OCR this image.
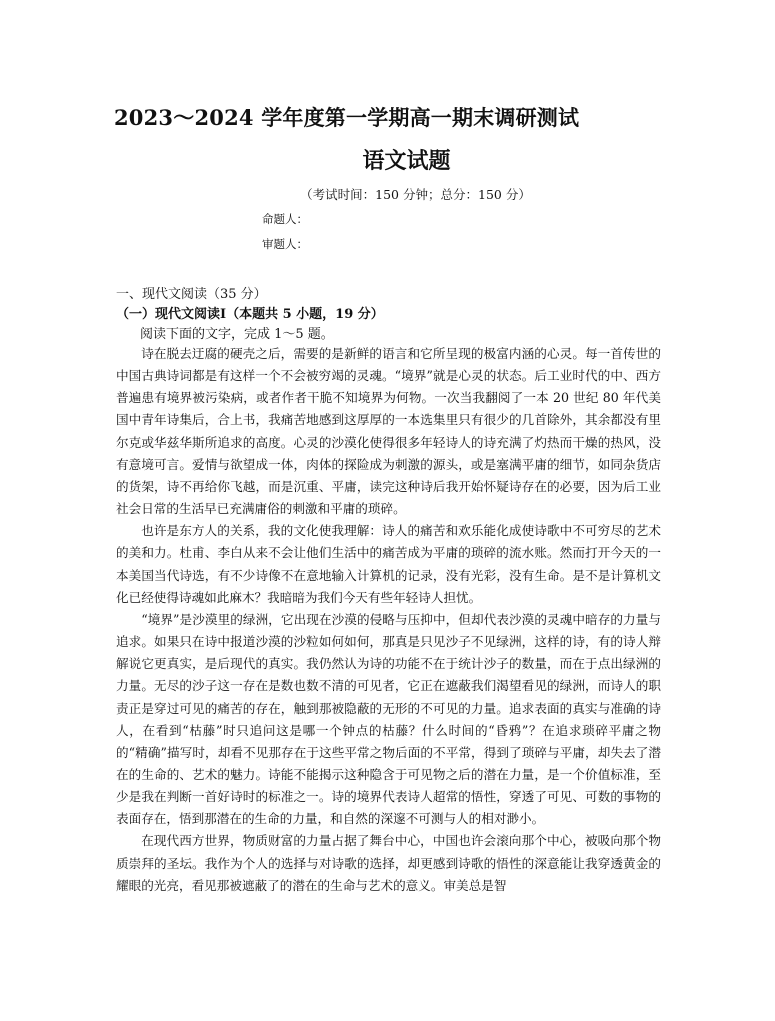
2023～2024 学年度第一学期高一期末调研测试
语文试题
（考试时间：150 分钟；总分：150 分）
命题人：
审题人：
一、现代文阅读（35 分）
（一）现代文阅读Ⅰ（本题共 5 小题，19 分）
阅读下面的文字，完成 1～5 题。

诗在脱去迂腐的硬壳之后，需要的是新鲜的语言和它所呈现的极富内涵的心灵。每一首传世的中国古典诗词都是有这样一个不会被穷竭的灵魂。“境界”就是心灵的状态。后工业时代的中、西方普遍患有境界被污染病，或者作者干脆不知境界为何物。一次当我翻阅了一本 20 世纪 80 年代美国中青年诗集后，合上书，我痛苦地感到这厚厚的一本选集里只有很少的几首除外，其余都没有里尔克或华兹华斯所追求的高度。心灵的沙漠化使得很多年轻诗人的诗充满了灼热而干燥的热风，没有意境可言。爱情与欲望成一体，肉体的探险成为刺激的源头，或是塞满平庸的细节，如同杂货店的货架，诗不再给你飞越，而是沉重、平庸，读完这种诗后我开始怀疑诗存在的必要，因为后工业社会日常的生活早已充满庸俗的刺激和平庸的琐碎。

也许是东方人的关系，我的文化使我理解：诗人的痛苦和欢乐能化成使诗歌中不可穷尽的艺术的美和力。杜甫、李白从来不会让他们生活中的痛苦成为平庸的琐碎的流水账。然而打开今天的一本美国当代诗选，有不少诗像不在意地输入计算机的记录，没有光彩，没有生命。是不是计算机文化已经使得诗魂如此麻木？我暗暗为我们今天有些年轻诗人担忧。

“境界”是沙漠里的绿洲，它出现在沙漠的侵略与压抑中，但却代表沙漠的灵魂中暗存的力量与追求。如果只在诗中报道沙漠的沙粒如何如何，那真是只见沙子不见绿洲，这样的诗，有的诗人辩解说它更真实，是后现代的真实。我仍然认为诗的功能不在于统计沙子的数量，而在于点出绿洲的力量。无尽的沙子这一存在是数也数不清的可见者，它正在遮蔽我们渴望看见的绿洲，而诗人的职责正是穿过可见的痛苦的存在，触到那被隐蔽的无形的不可见的力量。追求表面的真实与准确的诗人，在看到“枯藤”时只追问这是哪一个钟点的枯藤？什么时间的“昏鸦”？在追求琐碎平庸之物的“精确”描写时，却看不见那存在于这些平常之物后面的不平常，得到了琐碎与平庸，却失去了潜在的生命的、艺术的魅力。诗能不能揭示这种隐含于可见物之后的潜在力量，是一个价值标准，至少是我在判断一首好诗时的标准之一。诗的境界代表诗人超常的悟性，穿透了可见、可数的事物的表面存在，悟到那潜在的生命的力量，和自然的深邃不可测与人的相对渺小。

在现代西方世界，物质财富的力量占据了舞台中心，中国也许会滚向那个中心，被吸向那个物质崇拜的圣坛。我作为个人的选择与对诗歌的选择，却更感到诗歌的悟性的深意能让我穿透黄金的耀眼的光亮，看见那被遮蔽了的潜在的生命与艺术的意义。审美总是智
